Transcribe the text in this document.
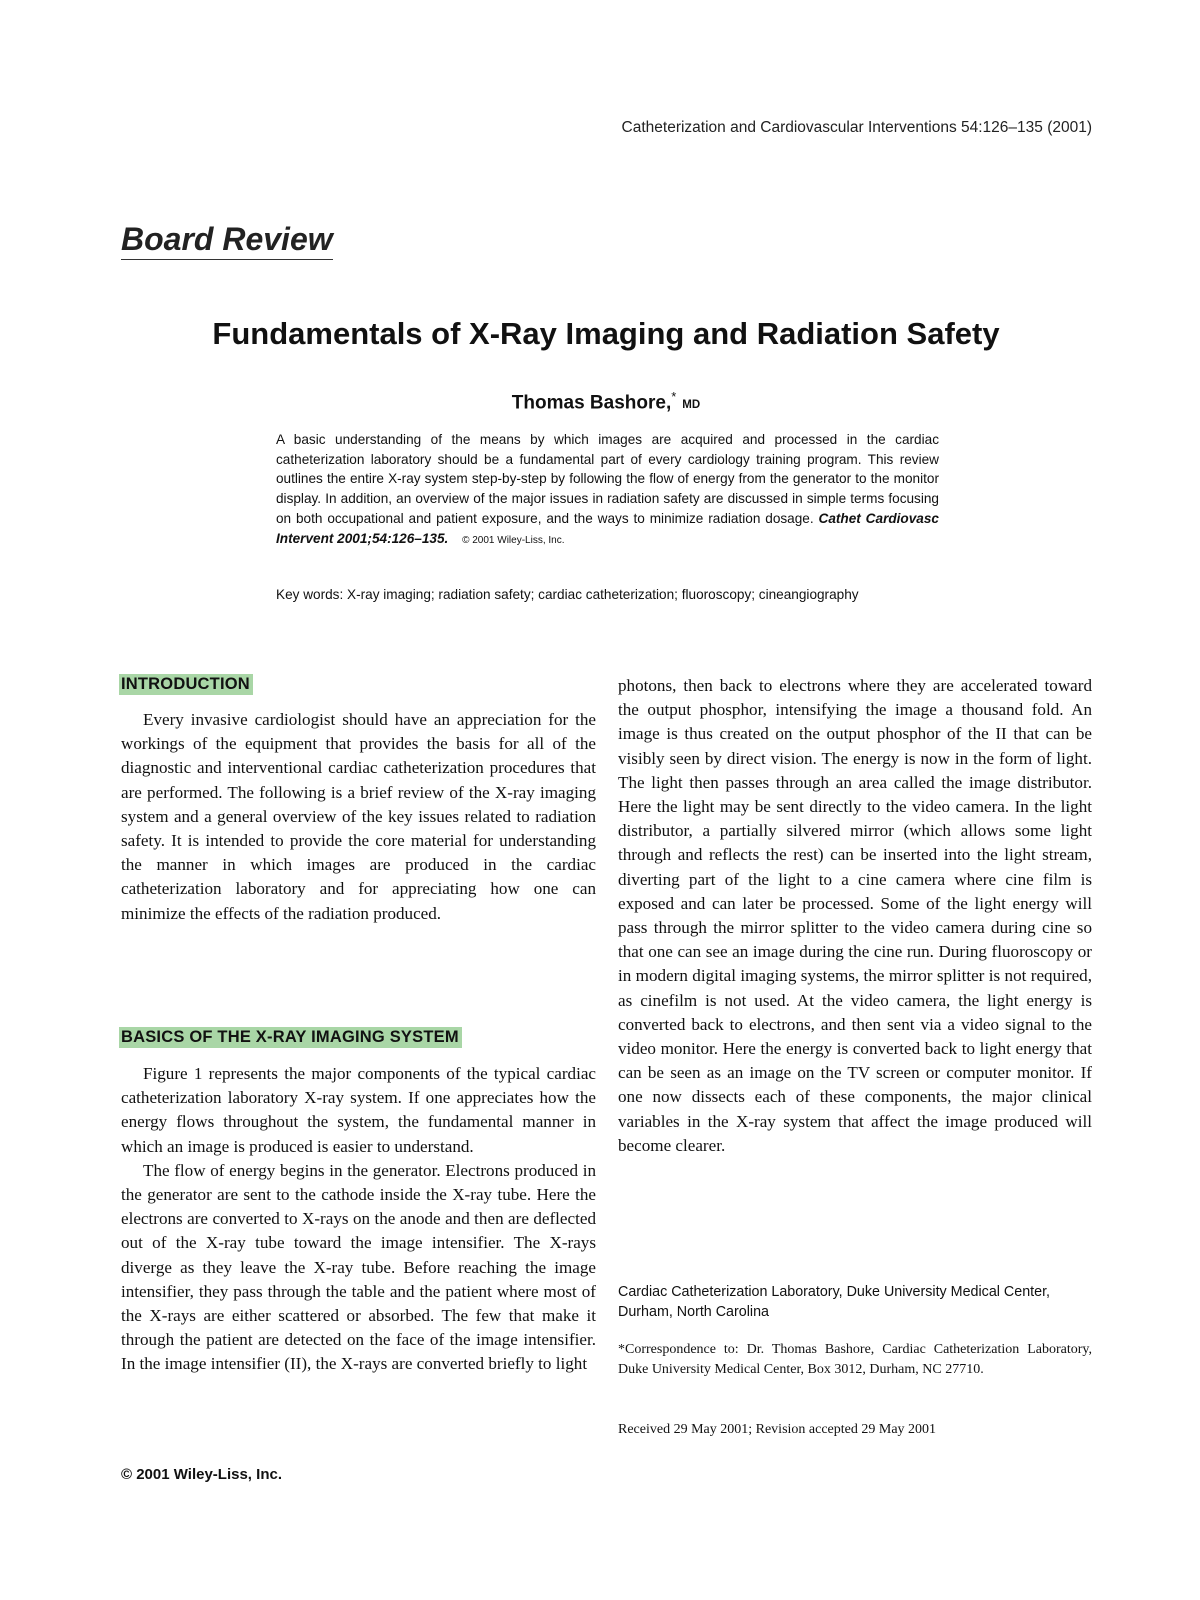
Catheterization and Cardiovascular Interventions 54:126–135 (2001)
Board Review
Fundamentals of X-Ray Imaging and Radiation Safety
Thomas Bashore,*MD
A basic understanding of the means by which images are acquired and processed in the cardiac catheterization laboratory should be a fundamental part of every cardiology training program. This review outlines the entire X-ray system step-by-step by following the flow of energy from the generator to the monitor display. In addition, an overview of the major issues in radiation safety are discussed in simple terms focusing on both occupational and patient exposure, and the ways to minimize radiation dosage. Cathet Cardiovasc Intervent 2001;54:126–135. © 2001 Wiley-Liss, Inc.
Key words: X-ray imaging; radiation safety; cardiac catheterization; fluoroscopy; cineangiography
INTRODUCTION

Every invasive cardiologist should have an appreciation for the workings of the equipment that provides the basis for all of the diagnostic and interventional cardiac catheterization procedures that are performed. The following is a brief review of the X-ray imaging system and a general overview of the key issues related to radiation safety. It is intended to provide the core material for understanding the manner in which images are produced in the cardiac catheterization laboratory and for appreciating how one can minimize the effects of the radiation produced.

BASICS OF THE X-RAY IMAGING SYSTEM

Figure 1 represents the major components of the typical cardiac catheterization laboratory X-ray system. If one appreciates how the energy flows throughout the system, the fundamental manner in which an image is produced is easier to understand.

The flow of energy begins in the generator. Electrons produced in the generator are sent to the cathode inside the X-ray tube. Here the electrons are converted to X-rays on the anode and then are deflected out of the X-ray tube toward the image intensifier. The X-rays diverge as they leave the X-ray tube. Before reaching the image intensifier, they pass through the table and the patient where most of the X-rays are either scattered or absorbed. The few that make it through the patient are detected on the face of the image intensifier. In the image intensifier (II), the X-rays are converted briefly to light

photons, then back to electrons where they are accelerated toward the output phosphor, intensifying the image a thousand fold. An image is thus created on the output phosphor of the II that can be visibly seen by direct vision. The energy is now in the form of light. The light then passes through an area called the image distributor. Here the light may be sent directly to the video camera. In the light distributor, a partially silvered mirror (which allows some light through and reflects the rest) can be inserted into the light stream, diverting part of the light to a cine camera where cine film is exposed and can later be processed. Some of the light energy will pass through the mirror splitter to the video camera during cine so that one can see an image during the cine run. During fluoroscopy or in modern digital imaging systems, the mirror splitter is not required, as cinefilm is not used. At the video camera, the light energy is converted back to electrons, and then sent via a video signal to the video monitor. Here the energy is converted back to light energy that can be seen as an image on the TV screen or computer monitor. If one now dissects each of these components, the major clinical variables in the X-ray system that affect the image produced will become clearer.

Cardiac Catheterization Laboratory, Duke University Medical Center, Durham, North Carolina
*Correspondence to: Dr. Thomas Bashore, Cardiac Catheterization Laboratory, Duke University Medical Center, Box 3012, Durham, NC 27710.
Received 29 May 2001; Revision accepted 29 May 2001
© 2001 Wiley-Liss, Inc.
